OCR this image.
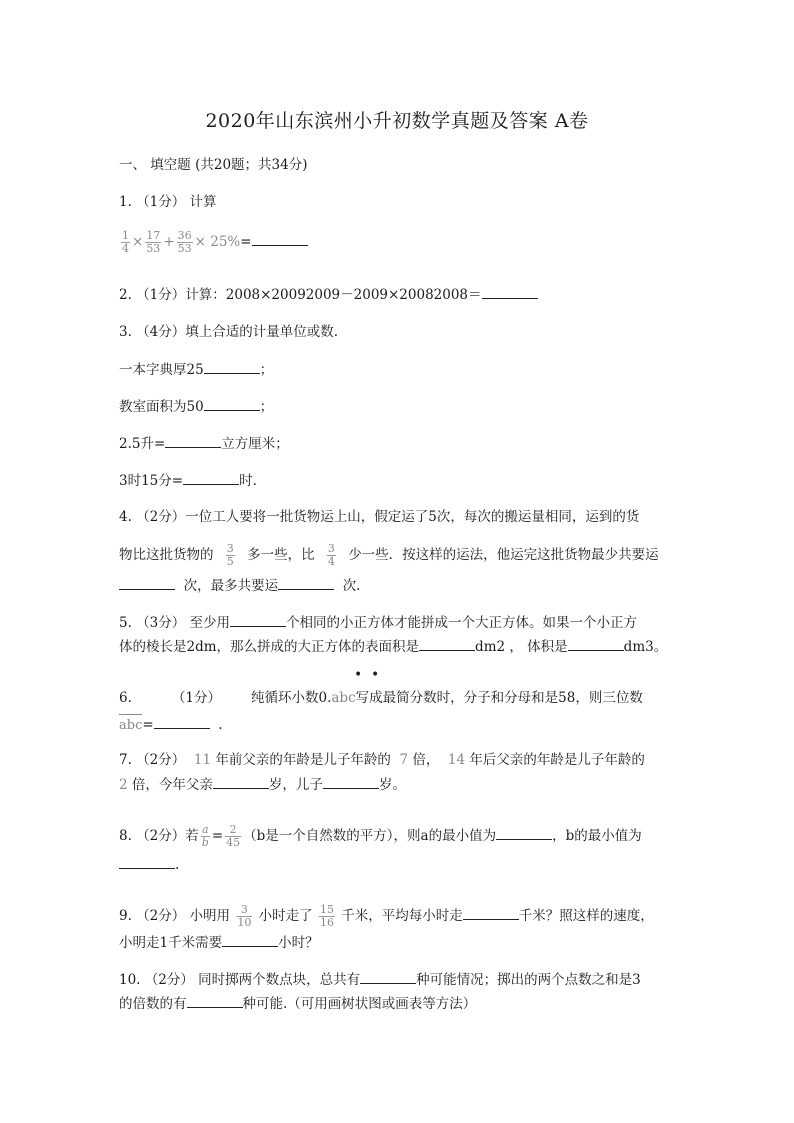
2020年山东滨州小升初数学真题及答案 A卷
一、 填空题 (共20题；共34分)
1. （1分） 计算
$\frac{1}{4} \times \frac{17}{53} + \frac{36}{53} \times 25\%=$
2. （1分）计算：2008×20092009－2009×20082008＝
3. （4分）填上合适的计量单位或数.
一本字典厚25	；
教室面积为50	；
2.5升=	立方厘米；
3时15分=	时.
4. （2分）一位工人要将一批货物运上山，假定运了5次，每次的搬运量相同，运到的货
物比这批货物的 $\frac{3}{5}$ 多一些，比 $\frac{3}{4}$ 少一些．按这样的运法，他运完这批货物最少共要运
次，最多共要运	次.
5. （3分） 至少用	个相同的小正方体才能拼成一个大正方体。如果一个小正方
体的棱长是2dm，那么拼成的大正方体的表面积是	dm2 ， 体积是	dm3。
• •
6.	（1分） 纯循环小数0.abc写成最简分数时，分子和分母和是58，则三位数
abc=	.
7. （2分） 11 年前父亲的年龄是儿子年龄的 7 倍， 14 年后父亲的年龄是儿子年龄的
2 倍，今年父亲	岁，儿子	岁。
8. （2分）若 $\frac{a}{b} = \frac{2}{45} (b$是一个自然数的平方），则a的最小值为	，b的最小值为
.
9. （2分） 小明用 $\frac{3}{10}$ 小时走了 $\frac{15}{16}$ 千米，平均每小时走	千米？照这样的速度，
小明走1千米需要	小时？
10. （2分） 同时掷两个数点块，总共有	种可能情况；掷出的两个点数之和是3
的倍数的有	种可能.（可用画树状图或画表等方法）
